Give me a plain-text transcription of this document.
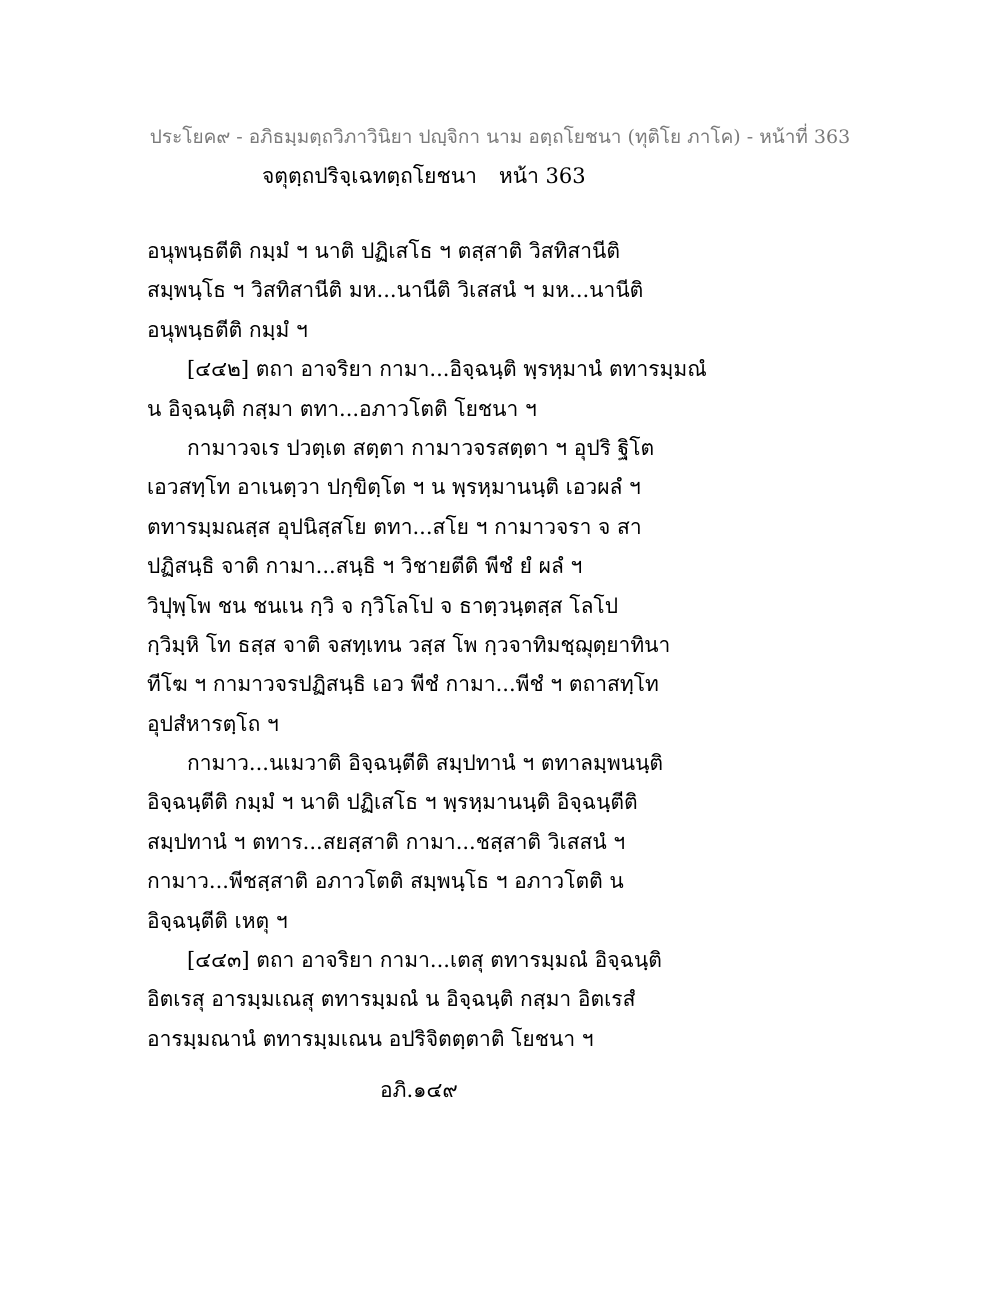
ประโยค๙ - อภิธมฺมตฺถวิภาวินิยา ปญฺจิกา นาม อตฺถโยชนา (ทุติโย ภาโค) - หน้าที่ 363
จตุตฺถปริจฺเฉทตฺถโยชนา หน้า 363
อนุพนฺธตีติ กมฺมํ ฯ นาติ ปฏิเสโธ ฯ ตสฺสาติ วิสทิสานีติ
สมฺพนฺโธ ฯ วิสทิสานีติ มห...นานีติ วิเสสนํ ฯ มห...นานีติ
อนุพนฺธตีติ กมฺมํ ฯ
[๔๔๒] ตถา อาจริยา กามา...อิจฺฉนฺติ พฺรหฺมานํ ตทารมฺมณํ
น อิจฺฉนฺติ กสฺมา ตทา...อภาวโตติ โยชนา ฯ
กามาวจเร ปวตฺเต สตฺตา กามาวจรสตฺตา ฯ อุปริ ฐิโต
เอวสทฺโท อาเนตฺวา ปกฺขิตฺโต ฯ น พฺรหฺมานนฺติ เอวผลํ ฯ
ตทารมฺมณสฺส อุปนิสฺสโย ตทา...สโย ฯ กามาวจรา จ สา
ปฏิสนฺธิ จาติ กามา...สนฺธิ ฯ วิชายตีติ พีชํ ยํ ผลํ ฯ
วิปุพฺโพ ชน ชนเน กฺวิ จ กฺวิโลโป จ ธาตฺวนฺตสฺส โลโป
กฺวิมฺหิ โท ธสฺส จาติ จสทฺเทน วสฺส โพ กฺวจาทิมชฺฌุตฺยาทินา
ทีโฆ ฯ กามาวจรปฏิสนฺธิ เอว พีชํ กามา...พีชํ ฯ ตถาสทฺโท
อุปสํหารตฺโถ ฯ
กามาว...นเมวาติ อิจฺฉนฺตีติ สมฺปทานํ ฯ ตทาลมฺพนนฺติ
อิจฺฉนฺตีติ กมฺมํ ฯ นาติ ปฏิเสโธ ฯ พฺรหฺมานนฺติ อิจฺฉนฺตีติ
สมฺปทานํ ฯ ตทาร...สยสฺสาติ กามา...ชสฺสาติ วิเสสนํ ฯ
กามาว...พีชสฺสาติ อภาวโตติ สมฺพนฺโธ ฯ อภาวโตติ น
อิจฺฉนฺตีติ เหตุ ฯ
[๔๔๓] ตถา อาจริยา กามา...เตสุ ตทารมฺมณํ อิจฺฉนฺติ
อิตเรสุ อารมฺมเณสุ ตทารมฺมณํ น อิจฺฉนฺติ กสฺมา อิตเรสํ
อารมฺมณานํ ตทารมฺมเณน อปริจิตตฺตาติ โยชนา ฯ
อภิ.๑๔๙
